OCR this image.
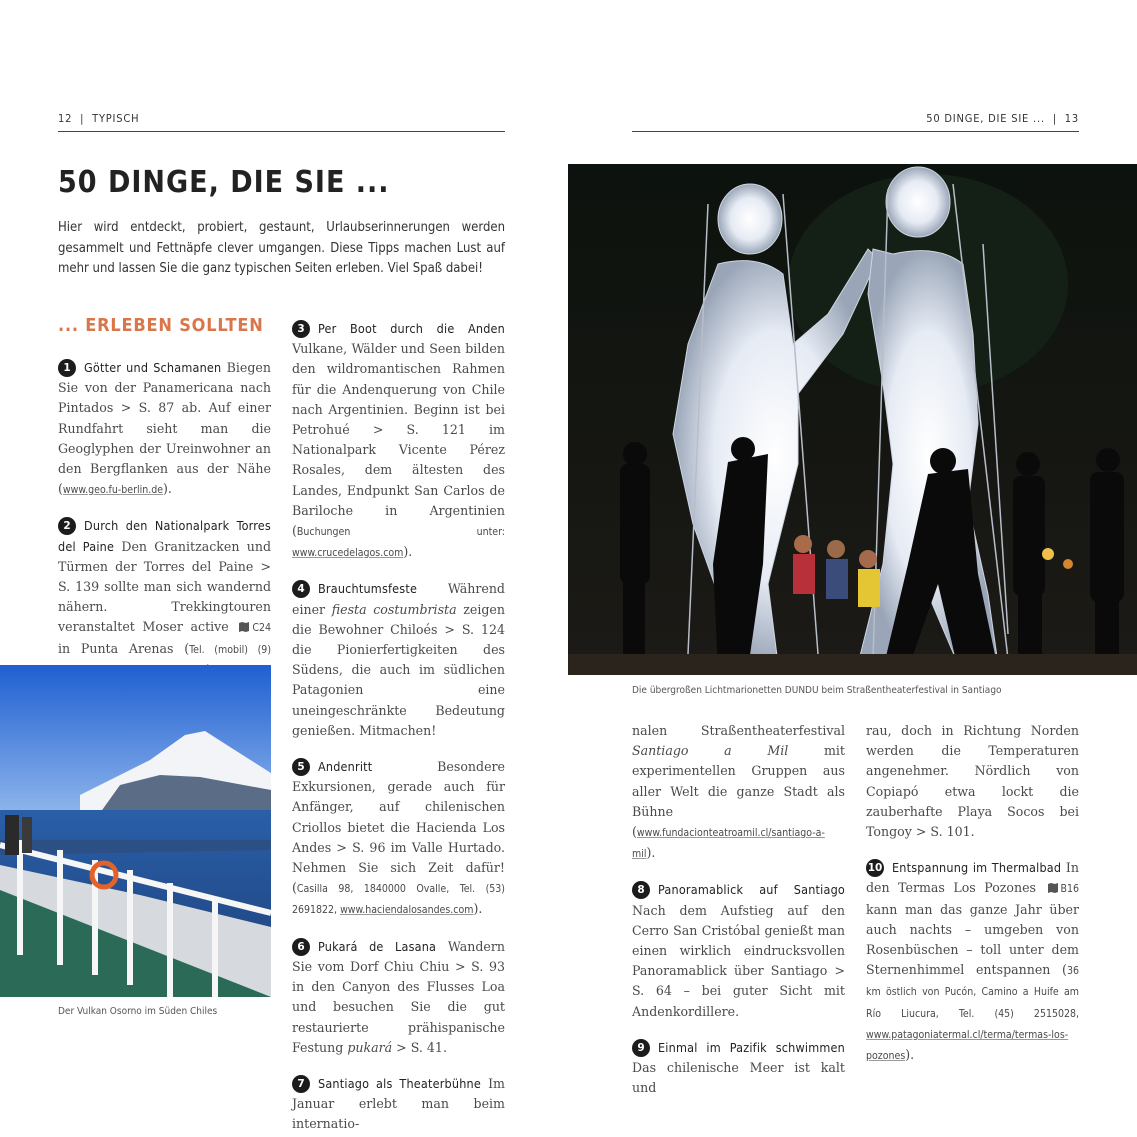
12  |  TYPISCH	50 DINGE, DIE SIE ...  |  13
50 DINGE, DIE SIE ...

Hier wird entdeckt, probiert, gestaunt, Urlaubserinnerungen werden gesammelt und Fettnäpfe clever umgangen. Diese Tipps machen Lust auf mehr und lassen Sie die ganz typischen Seiten erleben. Viel Spaß dabei!

... ERLEBEN SOLLTEN

1 Götter und Schamanen Biegen Sie von der Panamericana nach Pintados > S. 87 ab. Auf einer Rundfahrt sieht man die Geoglyphen der Ureinwohner an den Bergflanken aus der Nähe (www.geo.fu-berlin.de).

2 Durch den Nationalpark Torres del Paine Den Granitzacken und Türmen der Torres del Paine > S. 139 sollte man sich wandernd nähern. Trekkingtouren veranstaltet Moser active C24 in Punta Arenas (Tel. (mobil) (9)

Der Vulkan Osorno im Süden Chiles

3 Per Boot durch die Anden Vulkane, Wälder und Seen bilden den wildromantischen Rahmen für die Andenquerung von Chile nach Argentinien. Beginn ist bei Petrohué > S. 121 im Nationalpark Vicente Pérez Rosales, dem ältesten des Landes, Endpunkt San Carlos de Bariloche in Argentinien (Buchungen unter: www.crucedelagos.com).

4 Brauchtumsfeste Während einer fiesta costumbrista zeigen die Bewohner Chiloés > S. 124 die Pionierfertigkeiten des Südens, die auch im südlichen Patagonien eine uneingeschränkte Bedeutung genießen. Mitmachen!

5 Andenritt Besondere Exkursionen, gerade auch für Anfänger, auf chilenischen Criollos bietet die Hacienda Los Andes > S. 96 im Valle Hurtado. Nehmen Sie sich Zeit dafür! (Casilla 98, 1840000 Ovalle, Tel. (53) 2691822, www.haciendalosandes.com).

6 Pukará de Lasana Wandern Sie vom Dorf Chiu Chiu > S. 93 in den Canyon des Flusses Loa und besuchen Sie die gut restaurierte prähispanische Festung pukará > S. 41.

7 Santiago als Theaterbühne Im Januar erlebt man beim internatio-

Die übergroßen Lichtmarionetten DUNDU beim Straßentheaterfestival in Santiago

nalen Straßentheaterfestival Santiago a Mil mit experimentellen Gruppen aus aller Welt die ganze Stadt als Bühne (www.fundacionteatroamil.cl/santiago-a-mil).

8 Panoramablick auf Santiago Nach dem Aufstieg auf den Cerro San Cristóbal genießt man einen wirklich eindrucksvollen Panoramablick über Santiago > S. 64 – bei guter Sicht mit Andenkordillere.

9 Einmal im Pazifik schwimmen Das chilenische Meer ist kalt und

rau, doch in Richtung Norden werden die Temperaturen angenehmer. Nördlich von Copiapó etwa lockt die zauberhafte Playa Socos bei Tongoy > S. 101.

10 Entspannung im Thermalbad In den Termas Los Pozones B16 kann man das ganze Jahr über auch nachts – umgeben von Rosenbüschen – toll unter dem Sternenhimmel entspannen (36 km östlich von Pucón, Camino a Huife am Río Liucura, Tel. (45) 2515028, www.patagoniatermal.cl/terma/termas-los-pozones).
